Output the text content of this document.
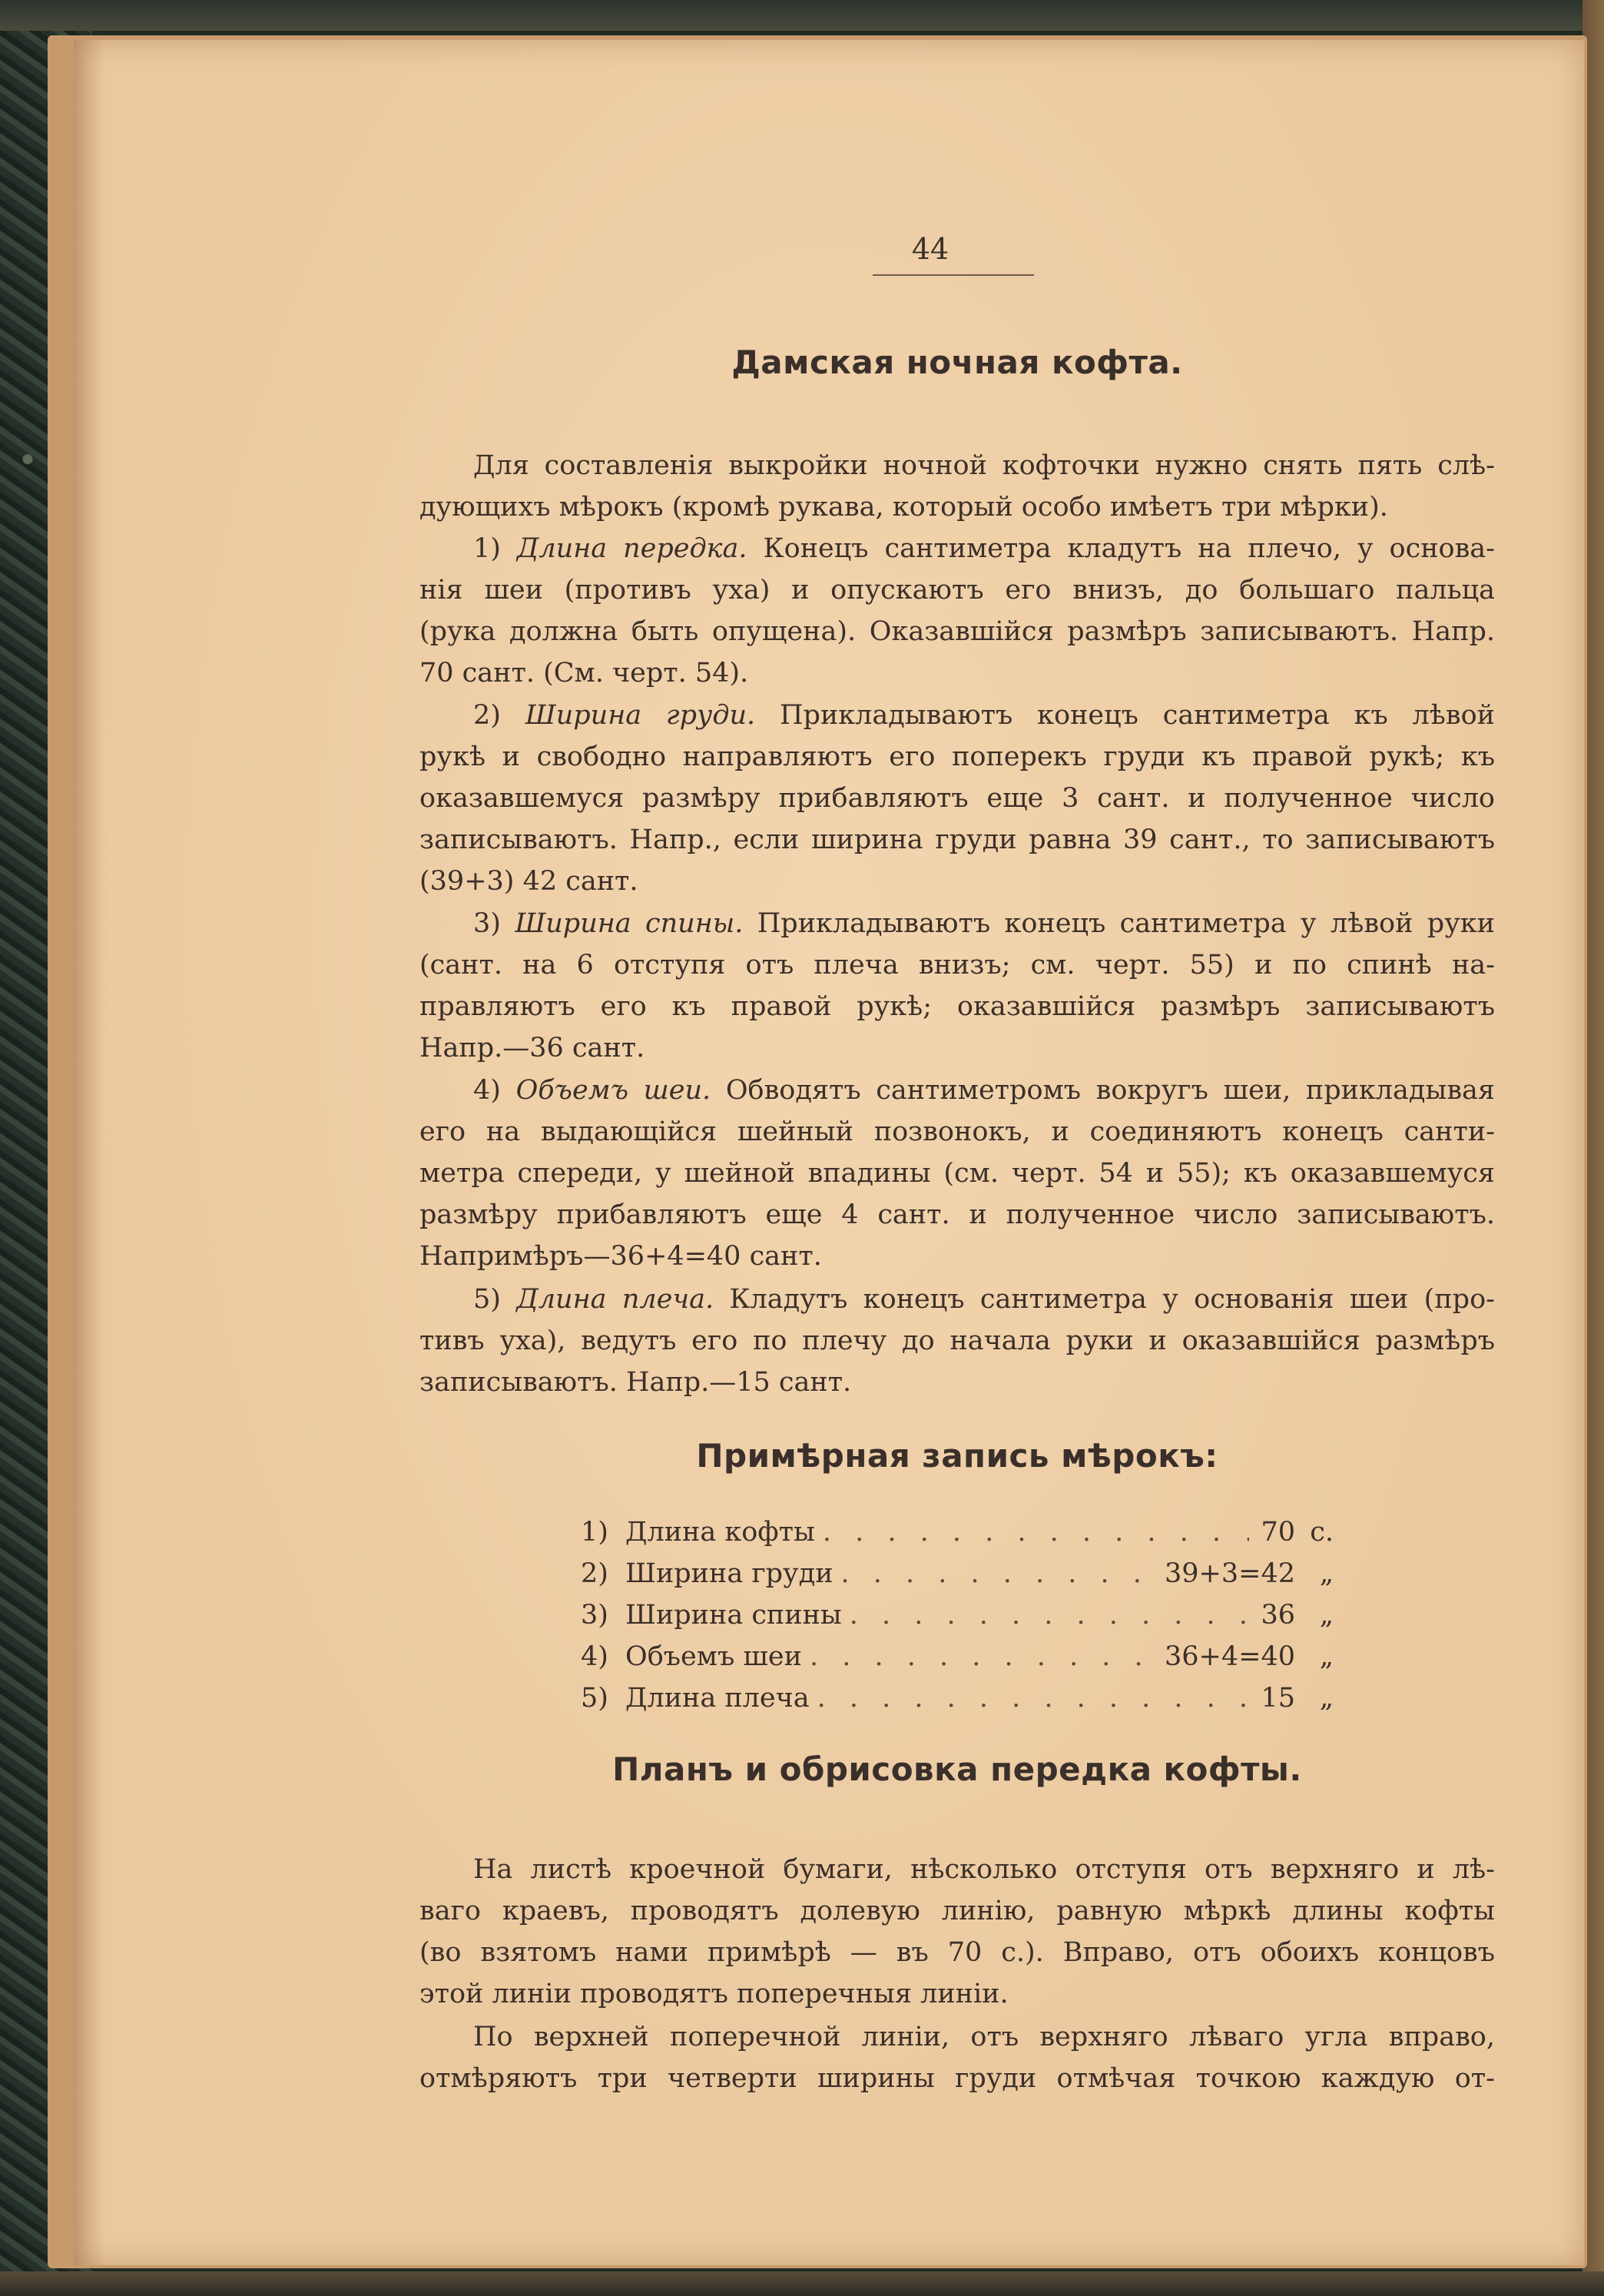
44
Дамская ночная кофта.
Для составленія выкройки ночной кофточки нужно снять пять слѣ-
дующихъ мѣрокъ (кромѣ рукава, который особо имѣетъ три мѣрки).
1) Длина передка. Конецъ сантиметра кладутъ на плечо, у основа-
нія шеи (противъ уха) и опускаютъ его внизъ, до большаго пальца
(рука должна быть опущена). Оказавшійся размѣръ записываютъ. Напр.
70 сант. (См. черт. 54).
2) Ширина груди. Прикладываютъ конецъ сантиметра къ лѣвой
рукѣ и свободно направляютъ его поперекъ груди къ правой рукѣ; къ
оказавшемуся размѣру прибавляютъ еще 3 сант. и полученное число
записываютъ. Напр., если ширина груди равна 39 сант., то записываютъ
(39+3) 42 сант.
3) Ширина спины. Прикладываютъ конецъ сантиметра у лѣвой руки
(сант. на 6 отступя отъ плеча внизъ; см. черт. 55) и по спинѣ на-
правляютъ его къ правой рукѣ; оказавшійся размѣръ записываютъ
Напр.—36 сант.
4) Объемъ шеи. Обводятъ сантиметромъ вокругъ шеи, прикладывая
его на выдающійся шейный позвонокъ, и соединяютъ конецъ санти-
метра спереди, у шейной впадины (см. черт. 54 и 55); къ оказавшемуся
размѣру прибавляютъ еще 4 сант. и полученное число записываютъ.
Напримѣръ—36+4=40 сант.
5) Длина плеча. Кладутъ конецъ сантиметра у основанія шеи (про-
тивъ уха), ведутъ его по плечу до начала руки и оказавшійся размѣръ
записываютъ. Напр.—15 сант.
Примѣрная запись мѣрокъ:
1) Длина кофты . . .	70 с.
2) Ширина груди . . .	39+3=42 „
3) Ширина спины . . .	36 „
4) Объемъ шеи . . .	36+4=40 „
5) Длина плеча . . .	15 „
Планъ и обрисовка передка кофты.
На листѣ кроечной бумаги, нѣсколько отступя отъ верхняго и лѣ-
ваго краевъ, проводятъ долевую линію, равную мѣркѣ длины кофты
(во взятомъ нами примѣрѣ — въ 70 с.). Вправо, отъ обоихъ концовъ
этой линіи проводятъ поперечныя линіи.
По верхней поперечной линіи, отъ верхняго лѣваго угла вправо,
отмѣряютъ три четверти ширины груди отмѣчая точкою каждую от-
